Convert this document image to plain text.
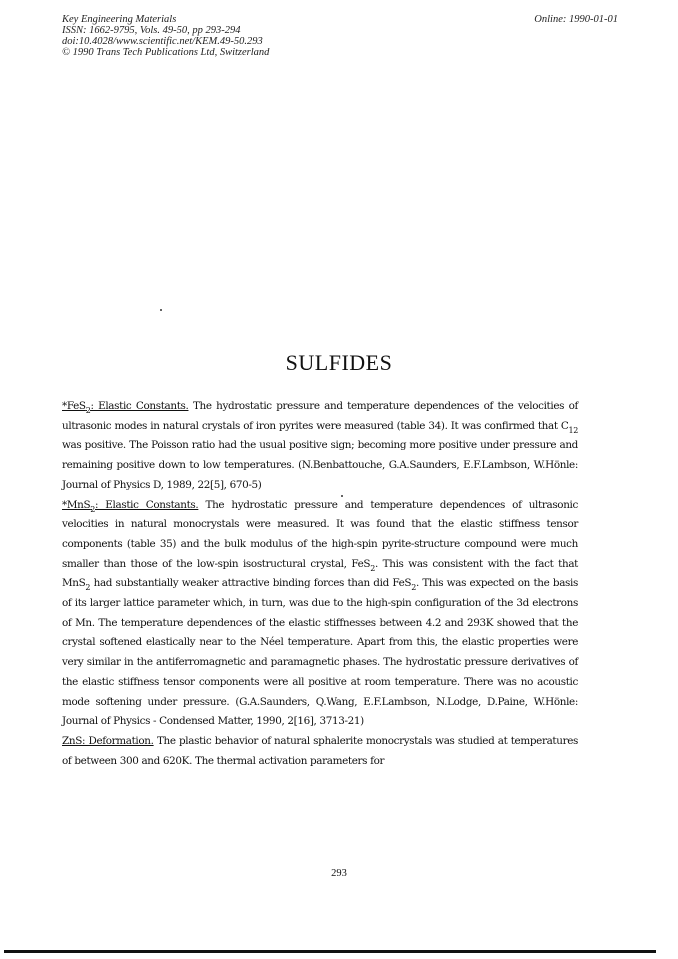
Key Engineering Materials
ISSN: 1662-9795, Vols. 49-50, pp 293-294
doi:10.4028/www.scientific.net/KEM.49-50.293
© 1990 Trans Tech Publications Ltd, Switzerland
Online: 1990-01-01
SULFIDES

*FeS$_2$: Elastic Constants. The hydrostatic pressure and temperature dependences of the velocities of ultrasonic modes in natural crystals of iron pyrites were measured (table 34). It was confirmed that $C_{12}$ was positive. The Poisson ratio had the usual positive sign; becoming more positive under pressure and remaining positive down to low temperatures. (N.Benbattouche, G.A.Saunders, E.F.Lambson, W.Hönle: Journal of Physics D, 1989, 22[5], 670-5)

*MnS$_2$: Elastic Constants. The hydrostatic pressure and temperature dependences of ultrasonic velocities in natural monocrystals were measured. It was found that the elastic stiffness tensor components (table 35) and the bulk modulus of the high-spin pyrite-structure compound were much smaller than those of the low-spin isostructural crystal, FeS$_2$. This was consistent with the fact that MnS$_2$ had substantially weaker attractive binding forces than did FeS$_2$. This was expected on the basis of its larger lattice parameter which, in turn, was due to the high-spin configuration of the 3d electrons of Mn. The temperature dependences of the elastic stiffnesses between 4.2 and 293K showed that the crystal softened elastically near to the Néel temperature. Apart from this, the elastic properties were very similar in the antiferromagnetic and paramagnetic phases. The hydrostatic pressure derivatives of the elastic stiffness tensor components were all positive at room temperature. There was no acoustic mode softening under pressure. (G.A.Saunders, Q.Wang, E.F.Lambson, N.Lodge, D.Paine, W.Hönle: Journal of Physics - Condensed Matter, 1990, 2[16], 3713-21)

ZnS: Deformation. The plastic behavior of natural sphalerite monocrystals was studied at temperatures of between 300 and 620K. The thermal activation parameters for

293
